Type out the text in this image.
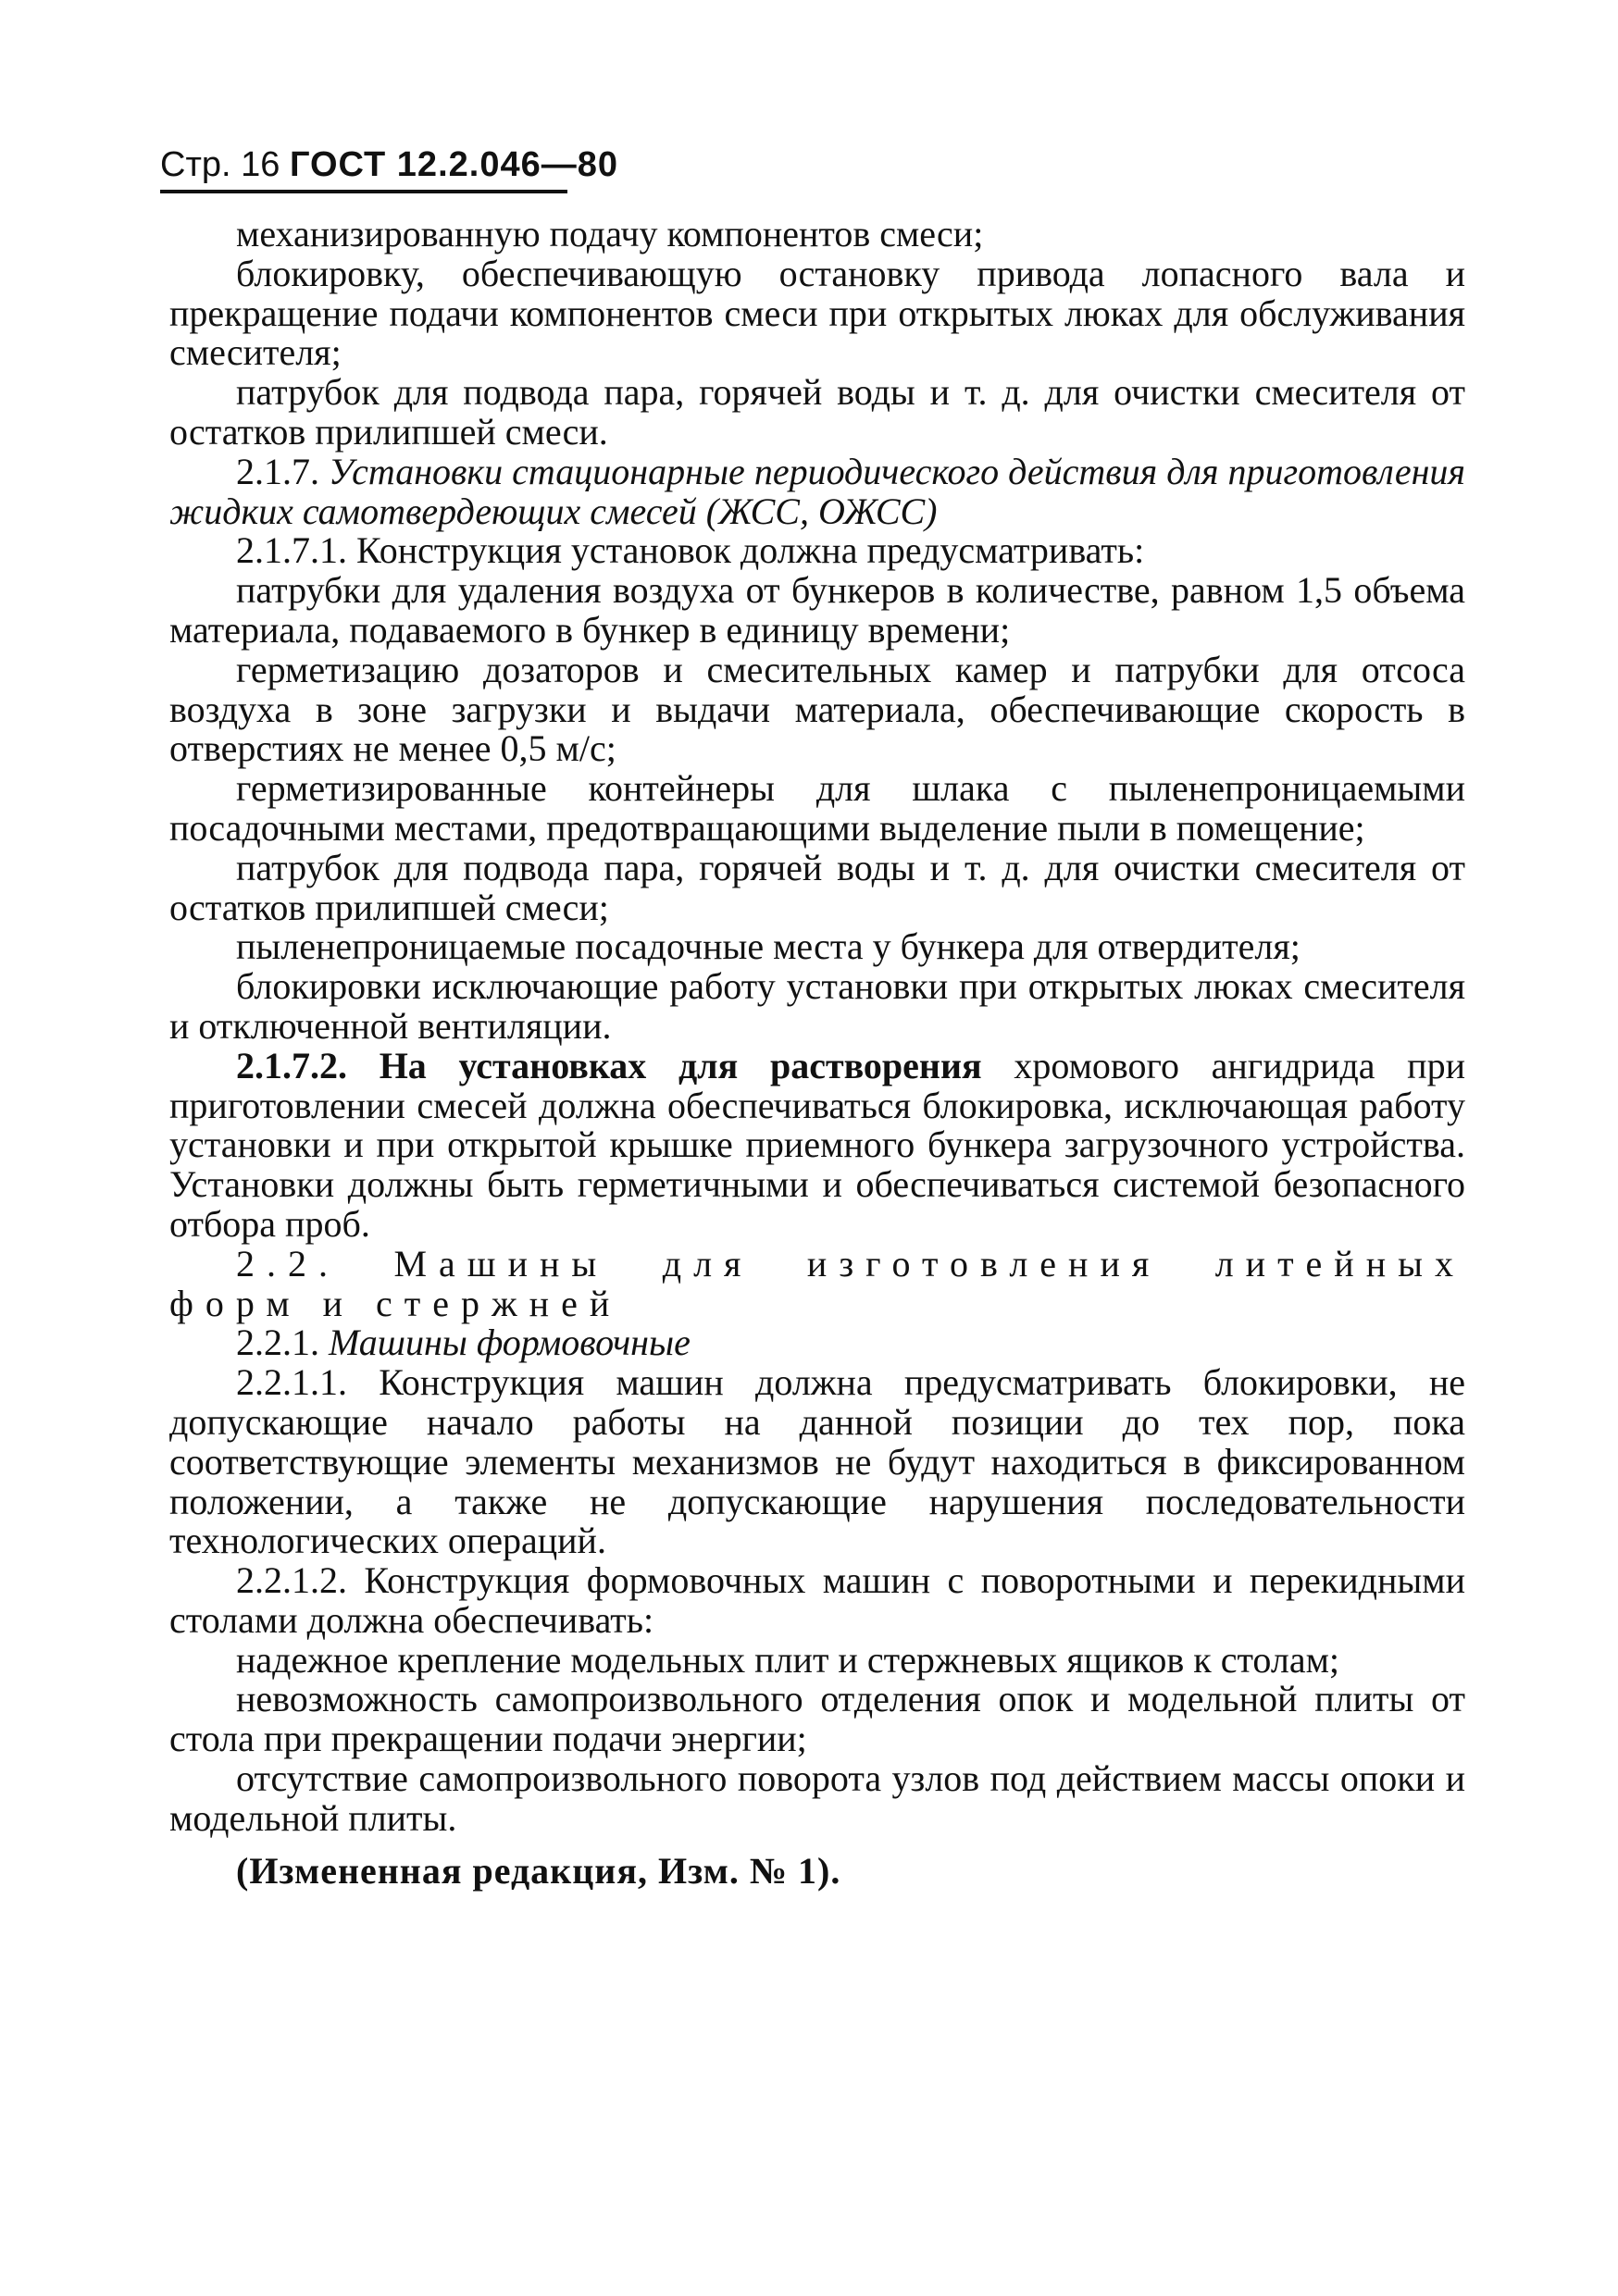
Стр. 16 ГОСТ 12.2.046—80

механизированную подачу компонентов смеси;

блокировку, обеспечивающую остановку привода лопасного вала и прекращение подачи компонентов смеси при открытых люках для обслуживания смесителя;

патрубок для подвода пара, горячей воды и т. д. для очистки смесителя от остатков прилипшей смеси.

2.1.7. Установки стационарные периодического действия для приготовления жидких самотвердеющих смесей (ЖСС, ОЖСС)

2.1.7.1. Конструкция установок должна предусматривать:

патрубки для удаления воздуха от бункеров в количестве, равном 1,5 объема материала, подаваемого в бункер в единицу времени;

герметизацию дозаторов и смесительных камер и патрубки для отсоса воздуха в зоне загрузки и выдачи материала, обеспечивающие скорость в отверстиях не менее 0,5 м/с;

герметизированные контейнеры для шлака с пыленепроницаемыми посадочными местами, предотвращающими выделение пыли в помещение;

патрубок для подвода пара, горячей воды и т. д. для очистки смесителя от остатков прилипшей смеси;

пыленепроницаемые посадочные места у бункера для отвердителя;

блокировки исключающие работу установки при открытых люках смесителя и отключенной вентиляции.

2.1.7.2. На установках для растворения хромового ангидрида при приготовлении смесей должна обеспечиваться блокировка, исключающая работу установки и при открытой крышке приемного бункера загрузочного устройства. Установки должны быть герметичными и обеспечиваться системой безопасного отбора проб.

2.2. Машины для изготовления литейных форм и стержней

2.2.1. Машины формовочные

2.2.1.1. Конструкция машин должна предусматривать блокировки, не допускающие начало работы на данной позиции до тех пор, пока соответствующие элементы механизмов не будут находиться в фиксированном положении, а также не допускающие нарушения последовательности технологических операций.

2.2.1.2. Конструкция формовочных машин с поворотными и перекидными столами должна обеспечивать:

надежное крепление модельных плит и стержневых ящиков к столам;

невозможность самопроизвольного отделения опок и модельной плиты от стола при прекращении подачи энергии;

отсутствие самопроизвольного поворота узлов под действием массы опоки и модельной плиты.

(Измененная редакция, Изм. № 1).
